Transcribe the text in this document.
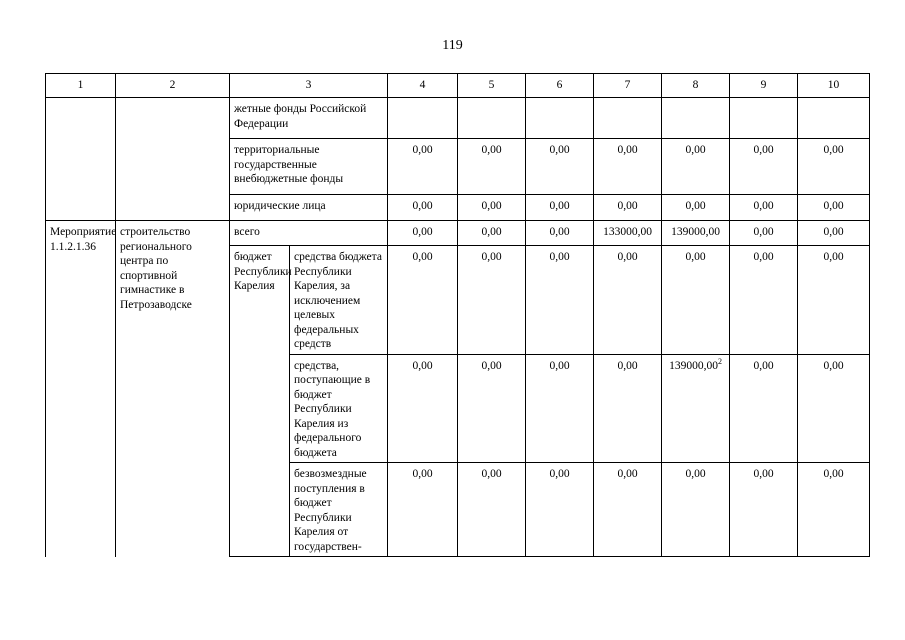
119
1	2	3		4	5	6	7	8	9	10
		жетные фонды Российской Федерации								
		территориальные государственные внебюджетные фонды		0,00	0,00	0,00	0,00	0,00	0,00	0,00
		юридические лица		0,00	0,00	0,00	0,00	0,00	0,00	0,00
Мероприятие 1.1.2.1.36	строительство регионального центра по спортивной гимнастике в Петрозаводске	всего		0,00	0,00	0,00	133000,00	139000,00	0,00	0,00
		бюджет Республики Карелия	средства бюджета Республики Карелия, за исключением целевых федеральных средств	0,00	0,00	0,00	0,00	0,00	0,00	0,00
			средства, поступающие в бюджет Республики Карелия из федерального бюджета	0,00	0,00	0,00	0,00	139000,00$^2$	0,00	0,00
			безвозмездные поступления в бюджет Республики Карелия от государствен-	0,00	0,00	0,00	0,00	0,00	0,00	0,00
